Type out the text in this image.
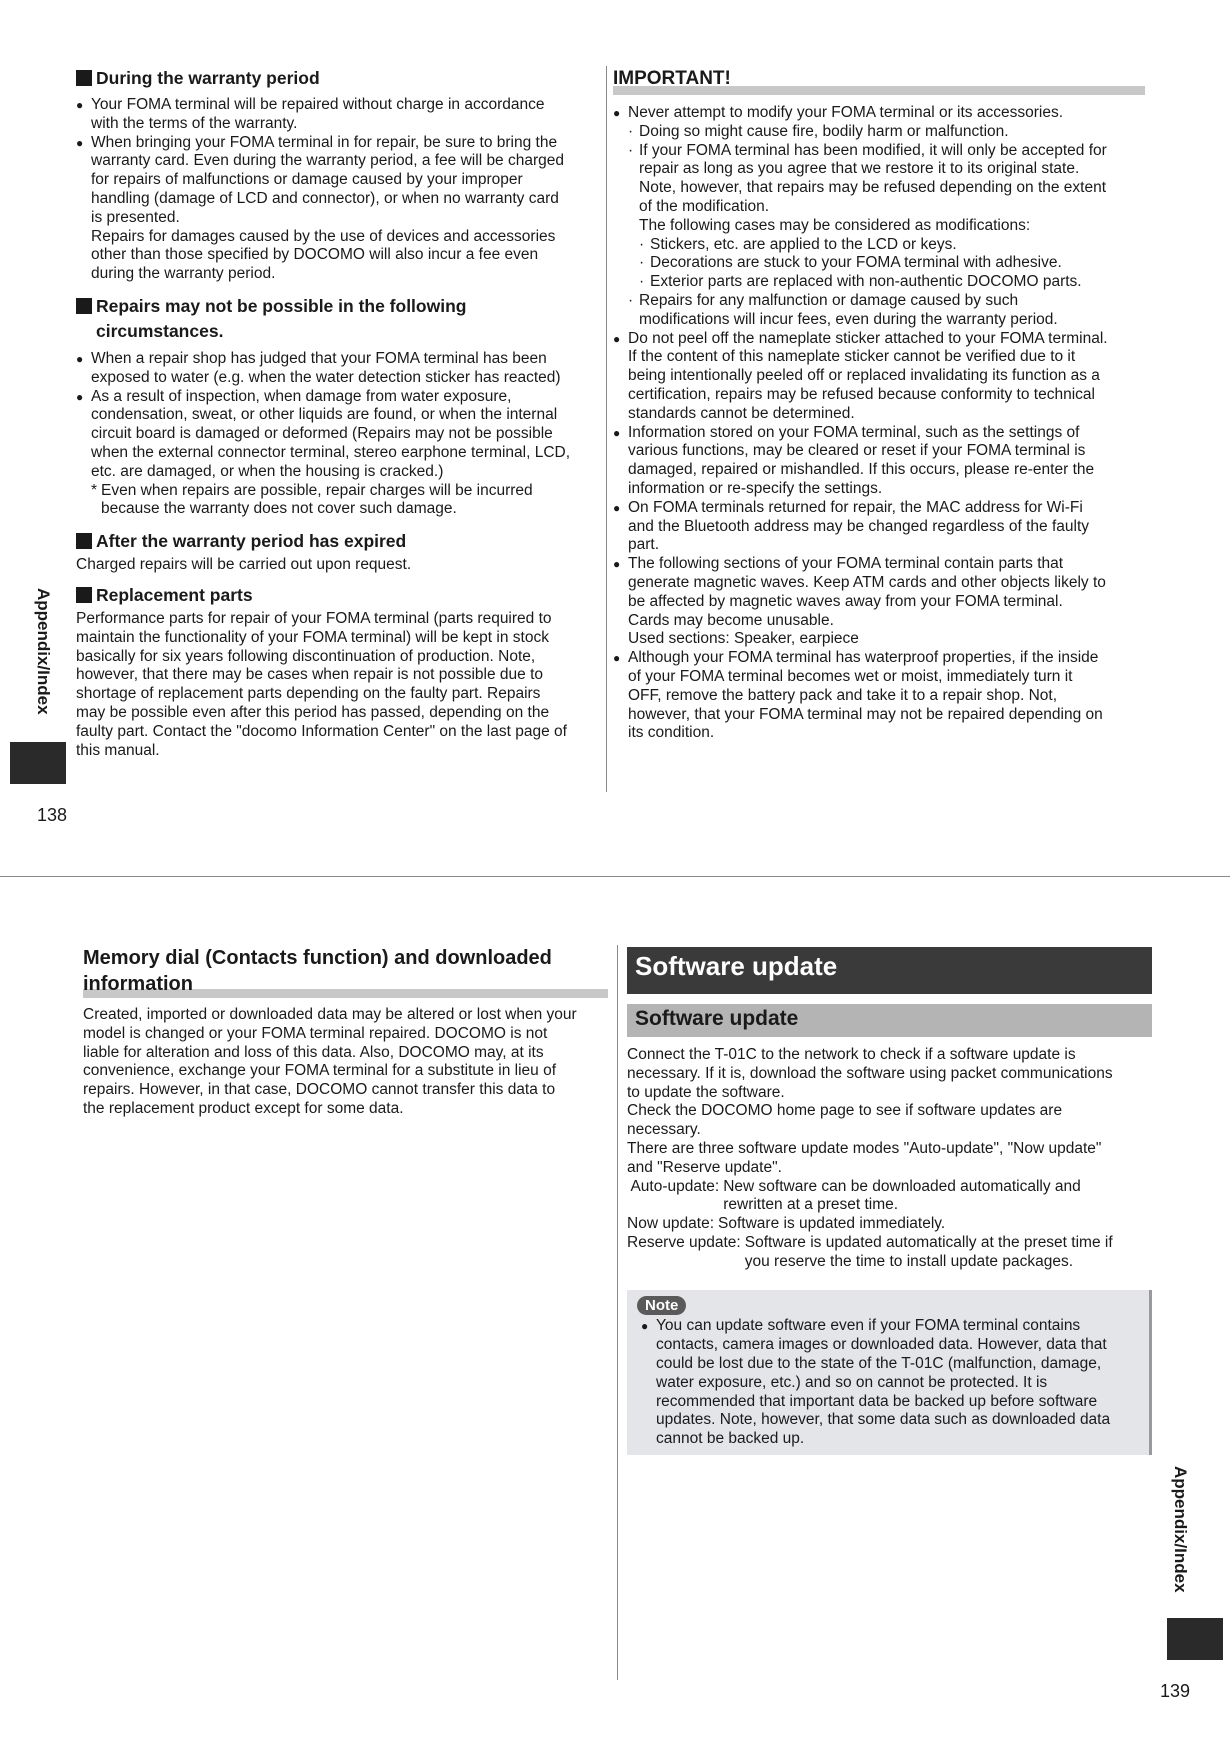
During the warranty period
● Your FOMA terminal will be repaired without charge in accordance
with the terms of the warranty.
● When bringing your FOMA terminal in for repair, be sure to bring the
warranty card. Even during the warranty period, a fee will be charged
for repairs of malfunctions or damage caused by your improper
handling (damage of LCD and connector), or when no warranty card
is presented.
Repairs for damages caused by the use of devices and accessories
other than those specified by DOCOMO will also incur a fee even
during the warranty period.
Repairs may not be possible in the following
circumstances.
● When a repair shop has judged that your FOMA terminal has been
exposed to water (e.g. when the water detection sticker has reacted)
● As a result of inspection, when damage from water exposure,
condensation, sweat, or other liquids are found, or when the internal
circuit board is damaged or deformed (Repairs may not be possible
when the external connector terminal, stereo earphone terminal, LCD,
etc. are damaged, or when the housing is cracked.)
* Even when repairs are possible, repair charges will be incurred
because the warranty does not cover such damage.
After the warranty period has expired

Charged repairs will be carried out upon request.

Replacement parts

Performance parts for repair of your FOMA terminal (parts required to
maintain the functionality of your FOMA terminal) will be kept in stock
basically for six years following discontinuation of production. Note,
however, that there may be cases when repair is not possible due to
shortage of replacement parts depending on the faulty part. Repairs
may be possible even after this period has passed, depending on the
faulty part. Contact the "docomo Information Center" on the last page of
this manual.

IMPORTANT!
● Never attempt to modify your FOMA terminal or its accessories.

· Doing so might cause fire, bodily harm or malfunction.
· If your FOMA terminal has been modified, it will only be accepted for
repair as long as you agree that we restore it to its original state.
Note, however, that repairs may be refused depending on the extent
of the modification.
The following cases may be considered as modifications:
· Stickers, etc. are applied to the LCD or keys.
· Decorations are stuck to your FOMA terminal with adhesive.
· Exterior parts are replaced with non-authentic DOCOMO parts.
· Repairs for any malfunction or damage caused by such
modifications will incur fees, even during the warranty period.
● Do not peel off the nameplate sticker attached to your FOMA terminal.
If the content of this nameplate sticker cannot be verified due to it
being intentionally peeled off or replaced invalidating its function as a
certification, repairs may be refused because conformity to technical
standards cannot be determined.
● Information stored on your FOMA terminal, such as the settings of
various functions, may be cleared or reset if your FOMA terminal is
damaged, repaired or mishandled. If this occurs, please re-enter the
information or re-specify the settings.
● On FOMA terminals returned for repair, the MAC address for Wi-Fi
and the Bluetooth address may be changed regardless of the faulty
part.
● The following sections of your FOMA terminal contain parts that
generate magnetic waves. Keep ATM cards and other objects likely to
be affected by magnetic waves away from your FOMA terminal.
Cards may become unusable.
Used sections: Speaker, earpiece
● Although your FOMA terminal has waterproof properties, if the inside
of your FOMA terminal becomes wet or moist, immediately turn it
OFF, remove the battery pack and take it to a repair shop. Not,
however, that your FOMA terminal may not be repaired depending on
its condition.
Appendix/Index
138
Memory dial (Contacts function) and downloaded
information

Created, imported or downloaded data may be altered or lost when your
model is changed or your FOMA terminal repaired. DOCOMO is not
liable for alteration and loss of this data. Also, DOCOMO may, at its
convenience, exchange your FOMA terminal for a substitute in lieu of
repairs. However, in that case, DOCOMO cannot transfer this data to
the replacement product except for some data.

Software update
Software update

Connect the T-01C to the network to check if a software update is
necessary. If it is, download the software using packet communications
to update the software.
Check the DOCOMO home page to see if software updates are
necessary.
There are three software update modes "Auto-update", "Now update"
and "Reserve update".

Auto-update: New software can be downloaded automatically and
rewritten at a preset time.
Now update: Software is updated immediately.
Reserve update: Software is updated automatically at the preset time if
you reserve the time to install update packages.
Note
● You can update software even if your FOMA terminal contains
contacts, camera images or downloaded data. However, data that
could be lost due to the state of the T-01C (malfunction, damage,
water exposure, etc.) and so on cannot be protected. It is
recommended that important data be backed up before software
updates. Note, however, that some data such as downloaded data
cannot be backed up.
Appendix/Index
139
